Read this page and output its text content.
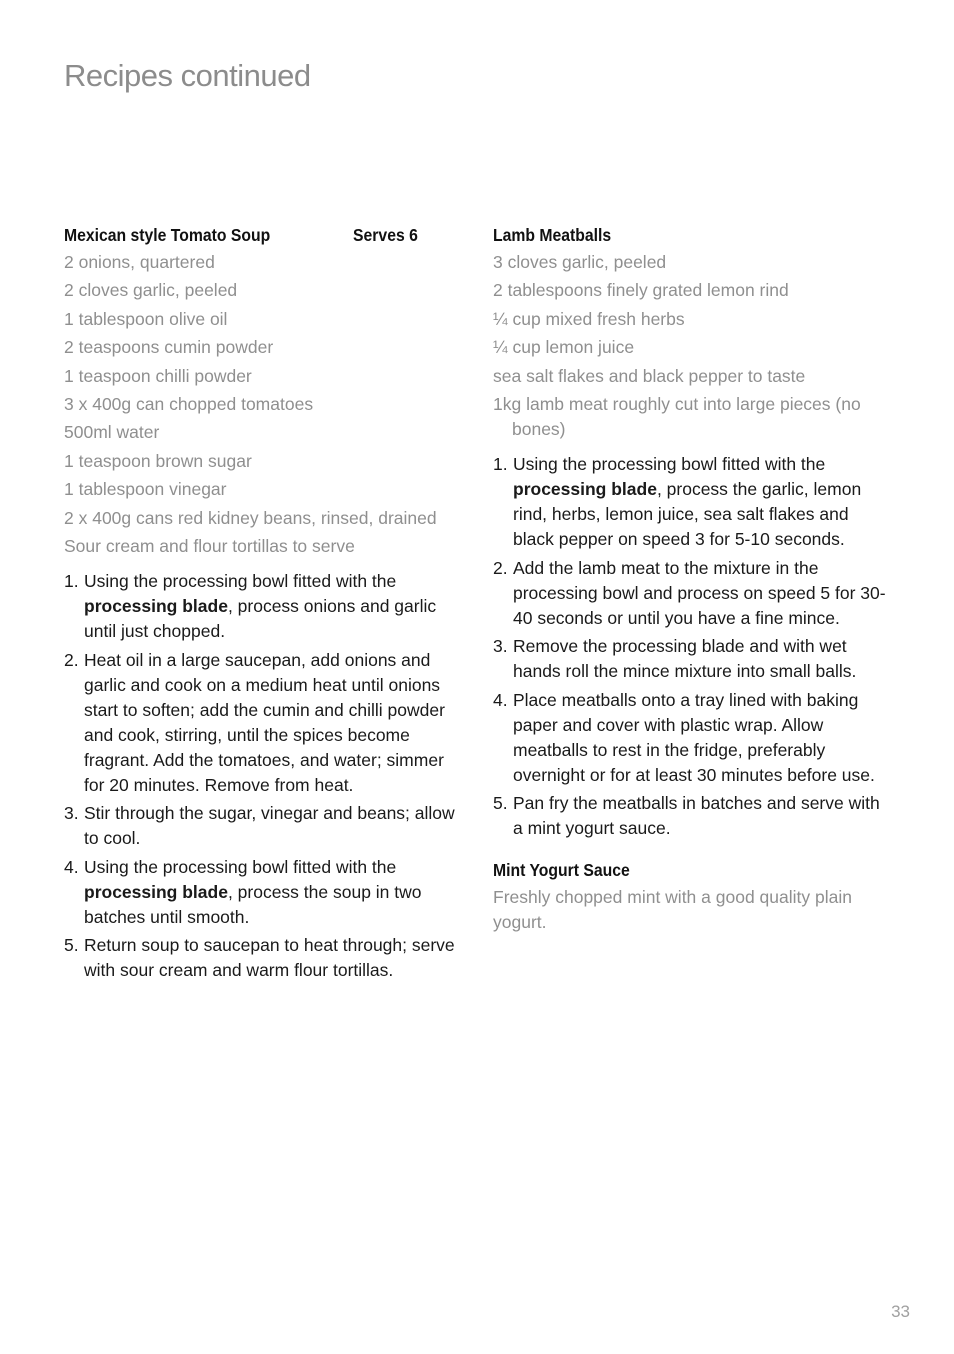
Recipes continued
Mexican style Tomato Soup	Serves 6
2 onions, quartered
2 cloves garlic, peeled
1 tablespoon olive oil
2 teaspoons cumin powder
1 teaspoon chilli powder
3 x 400g can chopped tomatoes
500ml water
1 teaspoon brown sugar
1 tablespoon vinegar
2 x 400g cans red kidney beans, rinsed, drained
Sour cream and flour tortillas to serve
1. Using the processing bowl fitted with the processing blade, process onions and garlic until just chopped.
2. Heat oil in a large saucepan, add onions and garlic and cook on a medium heat until onions start to soften; add the cumin and chilli powder and cook, stirring, until the spices become fragrant. Add the tomatoes, and water; simmer for 20 minutes. Remove from heat.
3. Stir through the sugar, vinegar and beans; allow to cool.
4. Using the processing bowl fitted with the processing blade, process the soup in two batches until smooth.
5. Return soup to saucepan to heat through; serve with sour cream and warm flour tortillas.
Lamb Meatballs
3 cloves garlic, peeled
2 tablespoons finely grated lemon rind
¼ cup mixed fresh herbs
¼ cup lemon juice
sea salt flakes and black pepper to taste
1kg lamb meat roughly cut into large pieces (no bones)
1. Using the processing bowl fitted with the processing blade, process the garlic, lemon rind, herbs, lemon juice, sea salt flakes and black pepper on speed 3 for 5-10 seconds.
2. Add the lamb meat to the mixture in the processing bowl and process on speed 5 for 30-40 seconds or until you have a fine mince.
3. Remove the processing blade and with wet hands roll the mince mixture into small balls.
4. Place meatballs onto a tray lined with baking paper and cover with plastic wrap. Allow meatballs to rest in the fridge, preferably overnight or for at least 30 minutes before use.
5. Pan fry the meatballs in batches and serve with a mint yogurt sauce.
Mint Yogurt Sauce
Freshly chopped mint with a good quality plain yogurt.
33
